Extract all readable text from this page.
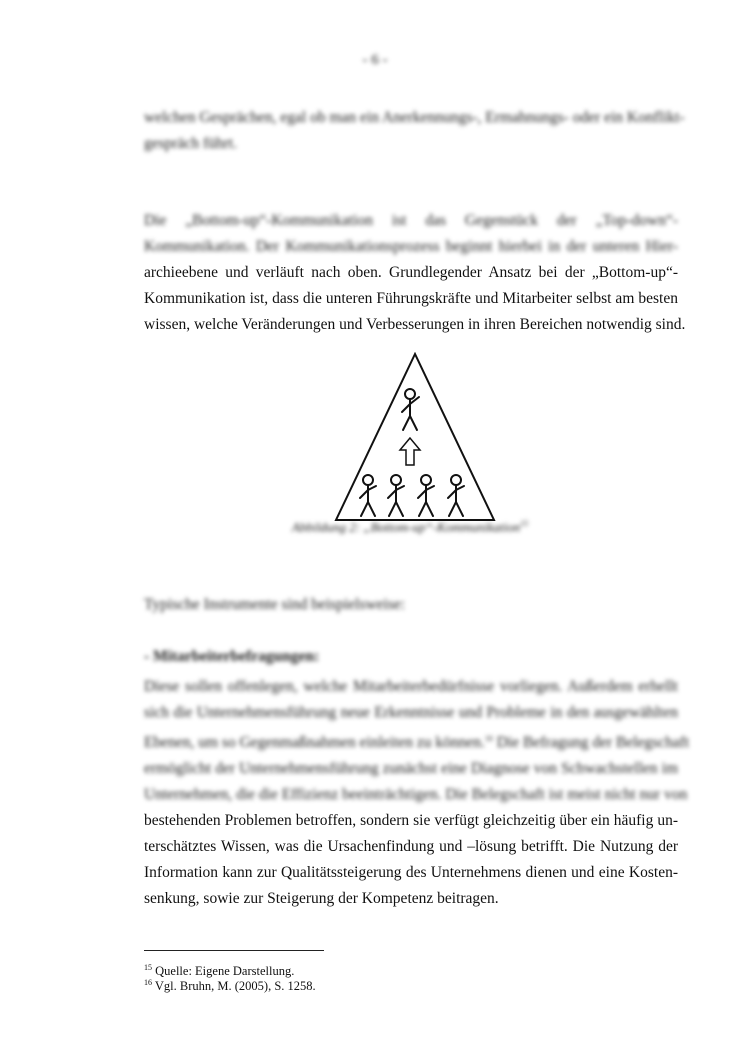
- 6 -
welchen Gesprächen, egal ob man ein Anerkennungs-, Ermahnungs- oder ein Konflikt-
gespräch führt.
Die „Bottom-up“-Kommunikation ist das Gegenstück der „Top-down“-
Kommunikation. Der Kommunikationsprozess beginnt hierbei in der unteren Hier-
archieebene und verläuft nach oben. Grundlegender Ansatz bei der „Bottom-up“-
Kommunikation ist, dass die unteren Führungskräfte und Mitarbeiter selbst am besten
wissen, welche Veränderungen und Verbesserungen in ihren Bereichen notwendig sind.
Abbildung 2: „Bottom-up“-Kommunikation$^{15}$
Typische Instrumente sind beispielsweise:
- Mitarbeiterbefragungen:
Diese sollen offenlegen, welche Mitarbeiterbedürfnisse vorliegen. Außerdem erhellt
sich die Unternehmensführung neue Erkenntnisse und Probleme in den ausgewählten
Ebenen, um so Gegenmaßnahmen einleiten zu können.$^{16}$ Die Befragung der Belegschaft
ermöglicht der Unternehmensführung zunächst eine Diagnose von Schwachstellen im
Unternehmen, die die Effizienz beeinträchtigen. Die Belegschaft ist meist nicht nur von
bestehenden Problemen betroffen, sondern sie verfügt gleichzeitig über ein häufig un-
terschätztes Wissen, was die Ursachenfindung und –lösung betrifft. Die Nutzung der
Information kann zur Qualitätssteigerung des Unternehmens dienen und eine Kosten-
senkung, sowie zur Steigerung der Kompetenz beitragen.
$^{15}$ Quelle: Eigene Darstellung.
$^{16}$ Vgl. Bruhn, M. (2005), S. 1258.
